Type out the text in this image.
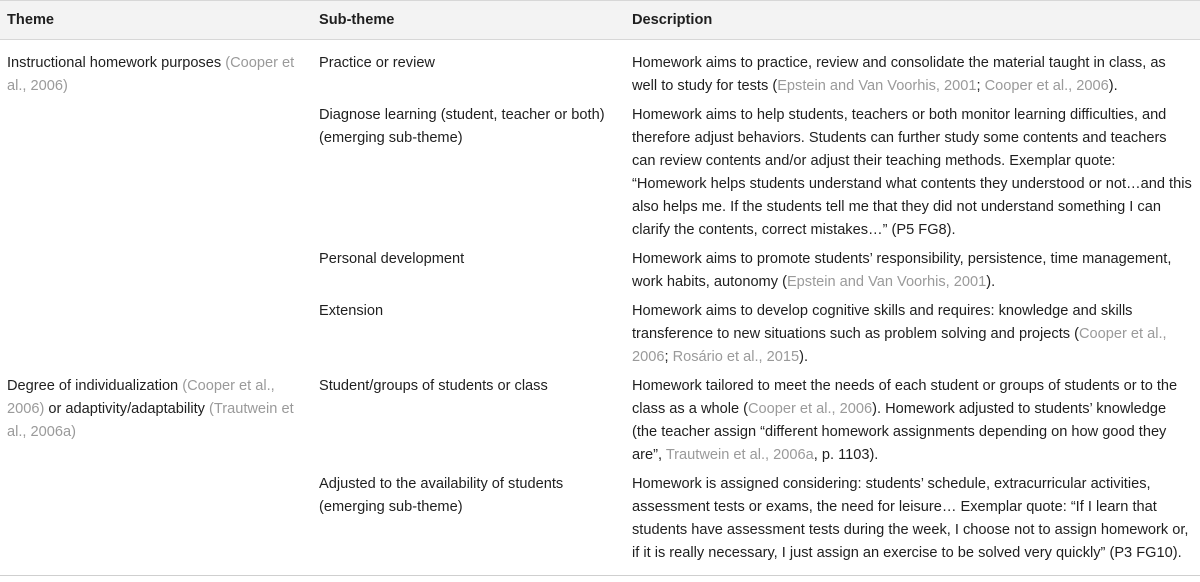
Theme	Sub-theme	Description
Instructional homework purposes (Cooper et al., 2006)	Practice or review	Homework aims to practice, review and consolidate the material taught in class, as well to study for tests (Epstein and Van Voorhis, 2001; Cooper et al., 2006).
	Diagnose learning (student, teacher or both) (emerging sub-theme)	Homework aims to help students, teachers or both monitor learning difficulties, and therefore adjust behaviors. Students can further study some contents and teachers can review contents and/or adjust their teaching methods. Exemplar quote: “Homework helps students understand what contents they understood or not…and this also helps me. If the students tell me that they did not understand something I can clarify the contents, correct mistakes…” (P5 FG8).
	Personal development	Homework aims to promote students’ responsibility, persistence, time management, work habits, autonomy (Epstein and Van Voorhis, 2001).
	Extension	Homework aims to develop cognitive skills and requires: knowledge and skills transference to new situations such as problem solving and projects (Cooper et al., 2006; Rosário et al., 2015).
Degree of individualization (Cooper et al., 2006) or adaptivity/adaptability (Trautwein et al., 2006a)	Student/groups of students or class	Homework tailored to meet the needs of each student or groups of students or to the class as a whole (Cooper et al., 2006). Homework adjusted to students’ knowledge (the teacher assign “different homework assignments depending on how good they are”, Trautwein et al., 2006a, p. 1103).
	Adjusted to the availability of students (emerging sub-theme)	Homework is assigned considering: students’ schedule, extracurricular activities, assessment tests or exams, the need for leisure… Exemplar quote: “If I learn that students have assessment tests during the week, I choose not to assign homework or, if it is really necessary, I just assign an exercise to be solved very quickly” (P3 FG10).
